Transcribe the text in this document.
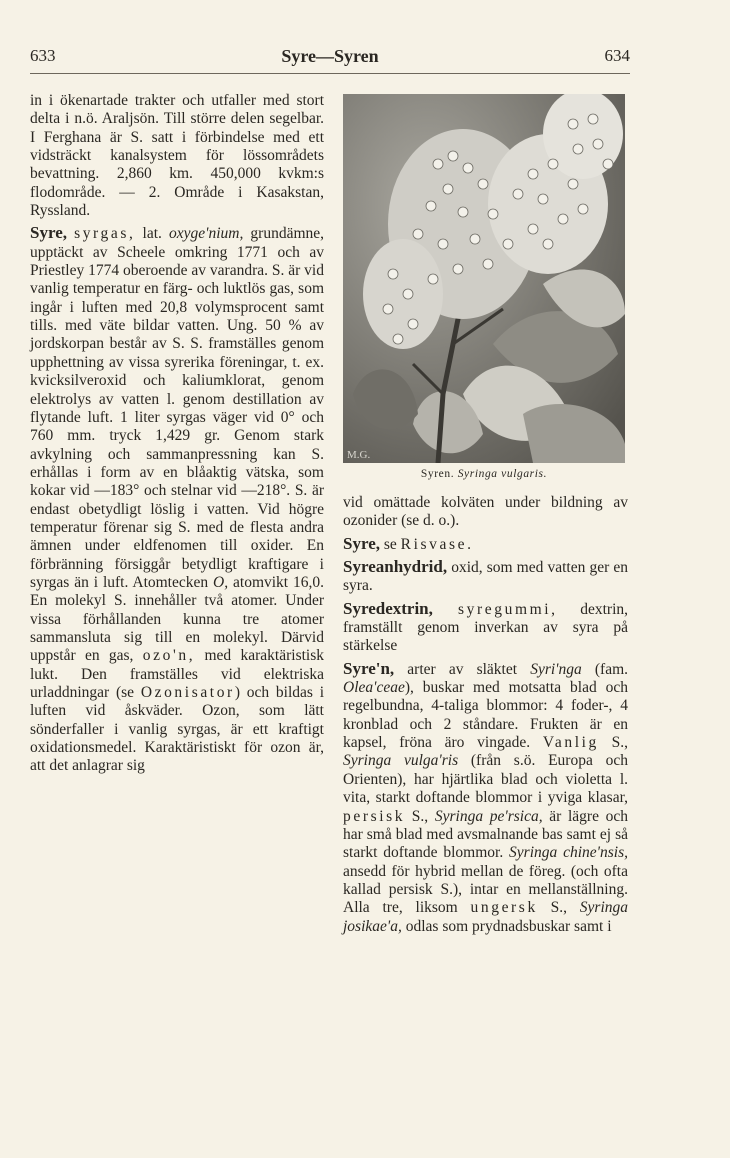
633	Syre—Syren	634

in i ökenartade trakter och utfaller med stort delta i n.ö. Araljsön. Till större delen segelbar. I Ferghana är S. satt i förbindelse med ett vidsträckt kanalsystem för lössområdets bevattning. 2,860 km. 450,000 kvkm:s flodområde. — 2. Område i Kasakstan, Ryssland.

Syre, syrgas, lat. oxyge'nium, grundämne, upptäckt av Scheele omkring 1771 och av Priestley 1774 oberoende av varandra. S. är vid vanlig temperatur en färg- och luktlös gas, som ingår i luften med 20,8 volymsprocent samt tills. med väte bildar vatten. Ung. 50 % av jordskorpan består av S. S. framställes genom upphettning av vissa syrerika föreningar, t. ex. kvicksilveroxid och kaliumklorat, genom elektrolys av vatten l. genom destillation av flytande luft. 1 liter syrgas väger vid 0° och 760 mm. tryck 1,429 gr. Genom stark avkylning och sammanpressning kan S. erhållas i form av en blåaktig vätska, som kokar vid —183° och stelnar vid —218°. S. är endast obetydligt löslig i vatten. Vid högre temperatur förenar sig S. med de flesta andra ämnen under eldfenomen till oxider. En förbränning försiggår betydligt kraftigare i syrgas än i luft. Atomtecken O, atomvikt 16,0. En molekyl S. innehåller två atomer. Under vissa förhållanden kunna tre atomer sammansluta sig till en molekyl. Därvid uppstår en gas, ozo'n, med karaktäristisk lukt. Den framställes vid elektriska urladdningar (se Ozonisator) och bildas i luften vid åskväder. Ozon, som lätt sönderfaller i vanlig syrgas, är ett kraftigt oxidationsmedel. Karaktäristiskt för ozon är, att det anlagrar sig

M.G.
Syren. Syringa vulgaris.

vid omättade kolväten under bildning av ozonider (se d. o.).

Syre, se Risvase.

Syreanhydrid, oxid, som med vatten ger en syra.

Syredextrin, syregummi, dextrin, framställt genom inverkan av syra på stärkelse

Syre'n, arter av släktet Syri'nga (fam. Olea'ceae), buskar med motsatta blad och regelbundna, 4-taliga blommor: 4 foder-, 4 kronblad och 2 ståndare. Frukten är en kapsel, fröna äro vingade. Vanlig S., Syringa vulga'ris (från s.ö. Europa och Orienten), har hjärtlika blad och violetta l. vita, starkt doftande blommor i yviga klasar, persisk S., Syringa pe'rsica, är lägre och har små blad med avsmalnande bas samt ej så starkt doftande blommor. Syringa chine'nsis, ansedd för hybrid mellan de föreg. (och ofta kallad persisk S.), intar en mellanställning. Alla tre, liksom ungersk S., Syringa josikae'a, odlas som prydnadsbuskar samt i
